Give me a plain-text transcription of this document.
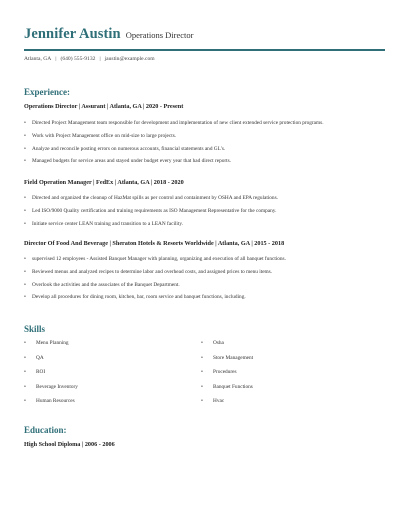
Jennifer Austin Operations Director
Atlanta, GA | (640) 555-9132 | jaustin@example.com
Experience:
Operations Director | Assurant | Atlanta, GA | 2020 - Present
• Directed Project Management team responsible for development and implementation of new client extended service protection programs.
• Work with Project Management office on mid-size to large projects.
• Analyze and reconcile posting errors on numerous accounts, financial statements and GL's.
• Managed budgets for service areas and stayed under budget every year that had direct reports.
Field Operation Manager | FedEx | Atlanta, GA | 2018 - 2020
• Directed and organized the cleanup of HazMat spills as per control and containment by OSHA and EPA regulations.
• Led ISO/9000 Quality certification and training requirements as ISO Management Representative for the company.
• Initiate service center LEAN training and transition to a LEAN facility.
Director Of Food And Beverage | Sheraton Hotels & Resorts Worldwide | Atlanta, GA | 2015 - 2018
• supervised 12 employees - Assisted Banquet Manager with planning, organizing and execution of all banquet functions.
• Reviewed menus and analyzed recipes to determine labor and overhead costs, and assigned prices to menu items.
• Overlook the activities and the associates of the Banquet Department.
• Develop all procedures for dining room, kitchen, bar, room service and banquet functions, including.
Skills
• Menu Planning
• QA
• ROI
• Beverage Inventory
• Human Resources
• Osha
• Store Management
• Procedures
• Banquet Functions
• Hvac
Education:
High School Diploma | 2006 - 2006
